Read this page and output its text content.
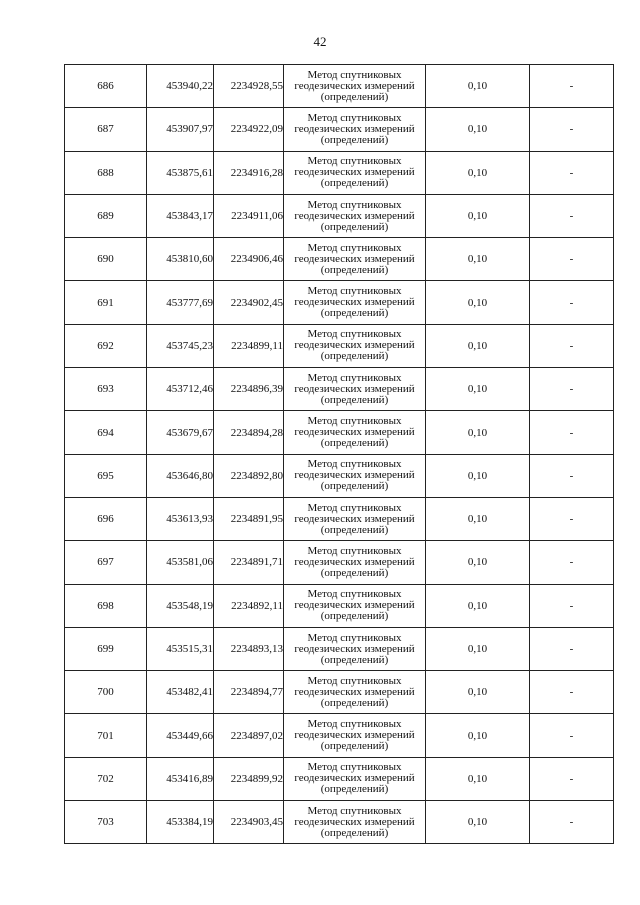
42
686	453940,22	2234928,55	Метод спутниковых
геодезических измерений
(определений)	0,10	-
687	453907,97	2234922,09	Метод спутниковых
геодезических измерений
(определений)	0,10	-
688	453875,61	2234916,28	Метод спутниковых
геодезических измерений
(определений)	0,10	-
689	453843,17	2234911,06	Метод спутниковых
геодезических измерений
(определений)	0,10	-
690	453810,60	2234906,46	Метод спутниковых
геодезических измерений
(определений)	0,10	-
691	453777,69	2234902,45	Метод спутниковых
геодезических измерений
(определений)	0,10	-
692	453745,23	2234899,11	Метод спутниковых
геодезических измерений
(определений)	0,10	-
693	453712,46	2234896,39	Метод спутниковых
геодезических измерений
(определений)	0,10	-
694	453679,67	2234894,28	Метод спутниковых
геодезических измерений
(определений)	0,10	-
695	453646,80	2234892,80	Метод спутниковых
геодезических измерений
(определений)	0,10	-
696	453613,93	2234891,95	Метод спутниковых
геодезических измерений
(определений)	0,10	-
697	453581,06	2234891,71	Метод спутниковых
геодезических измерений
(определений)	0,10	-
698	453548,19	2234892,11	Метод спутниковых
геодезических измерений
(определений)	0,10	-
699	453515,31	2234893,13	Метод спутниковых
геодезических измерений
(определений)	0,10	-
700	453482,41	2234894,77	Метод спутниковых
геодезических измерений
(определений)	0,10	-
701	453449,66	2234897,02	Метод спутниковых
геодезических измерений
(определений)	0,10	-
702	453416,89	2234899,92	Метод спутниковых
геодезических измерений
(определений)	0,10	-
703	453384,19	2234903,45	Метод спутниковых
геодезических измерений
(определений)	0,10	-
